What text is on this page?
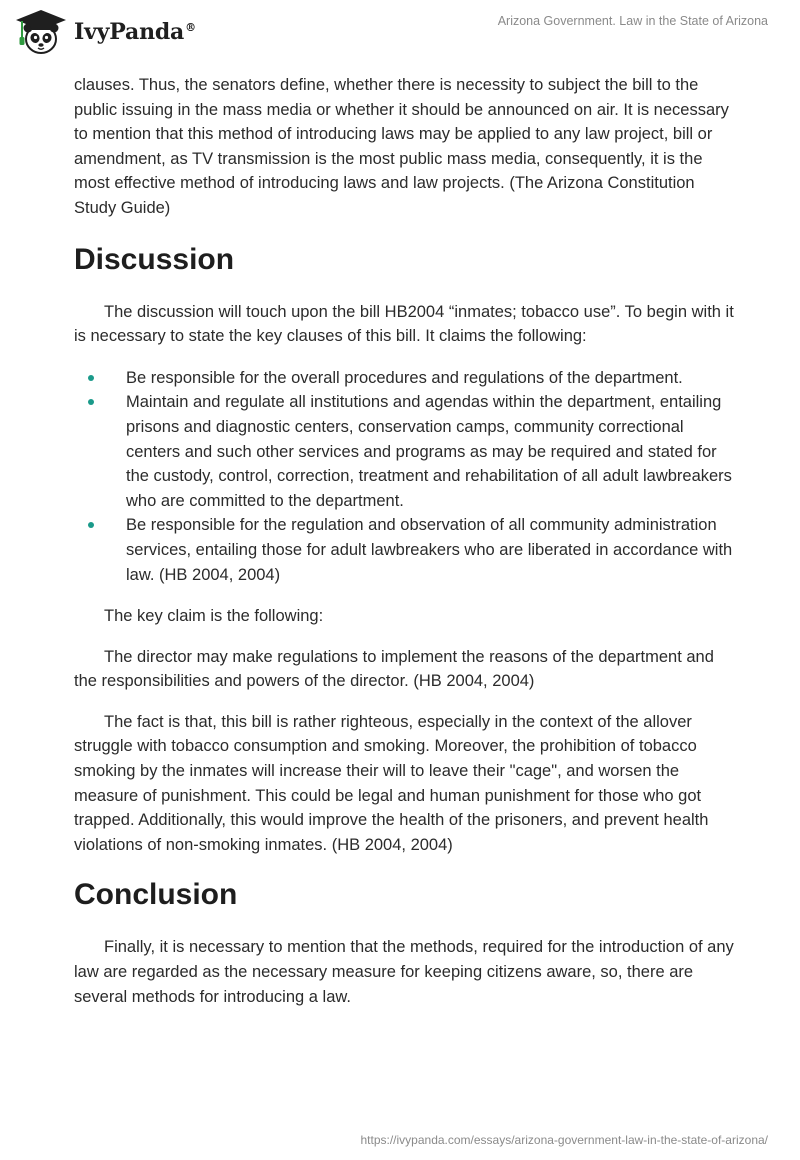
IvyPanda®	Arizona Government. Law in the State of Arizona

clauses. Thus, the senators define, whether there is necessity to subject the bill to the public issuing in the mass media or whether it should be announced on air. It is necessary to mention that this method of introducing laws may be applied to any law project, bill or amendment, as TV transmission is the most public mass media, consequently, it is the most effective method of introducing laws and law projects. (The Arizona Constitution Study Guide)

Discussion

The discussion will touch upon the bill HB2004 “inmates; tobacco use”. To begin with it is necessary to state the key clauses of this bill. It claims the following:

Be responsible for the overall procedures and regulations of the department.
Maintain and regulate all institutions and agendas within the department, entailing prisons and diagnostic centers, conservation camps, community correctional centers and such other services and programs as may be required and stated for the custody, control, correction, treatment and rehabilitation of all adult lawbreakers who are committed to the department.
Be responsible for the regulation and observation of all community administration services, entailing those for adult lawbreakers who are liberated in accordance with law. (HB 2004, 2004)

The key claim is the following:

The director may make regulations to implement the reasons of the department and the responsibilities and powers of the director. (HB 2004, 2004)

The fact is that, this bill is rather righteous, especially in the context of the allover struggle with tobacco consumption and smoking. Moreover, the prohibition of tobacco smoking by the inmates will increase their will to leave their "cage", and worsen the measure of punishment. This could be legal and human punishment for those who got trapped. Additionally, this would improve the health of the prisoners, and prevent health violations of non-smoking inmates. (HB 2004, 2004)

Conclusion

Finally, it is necessary to mention that the methods, required for the introduction of any law are regarded as the necessary measure for keeping citizens aware, so, there are several methods for introducing a law.

https://ivypanda.com/essays/arizona-government-law-in-the-state-of-arizona/
